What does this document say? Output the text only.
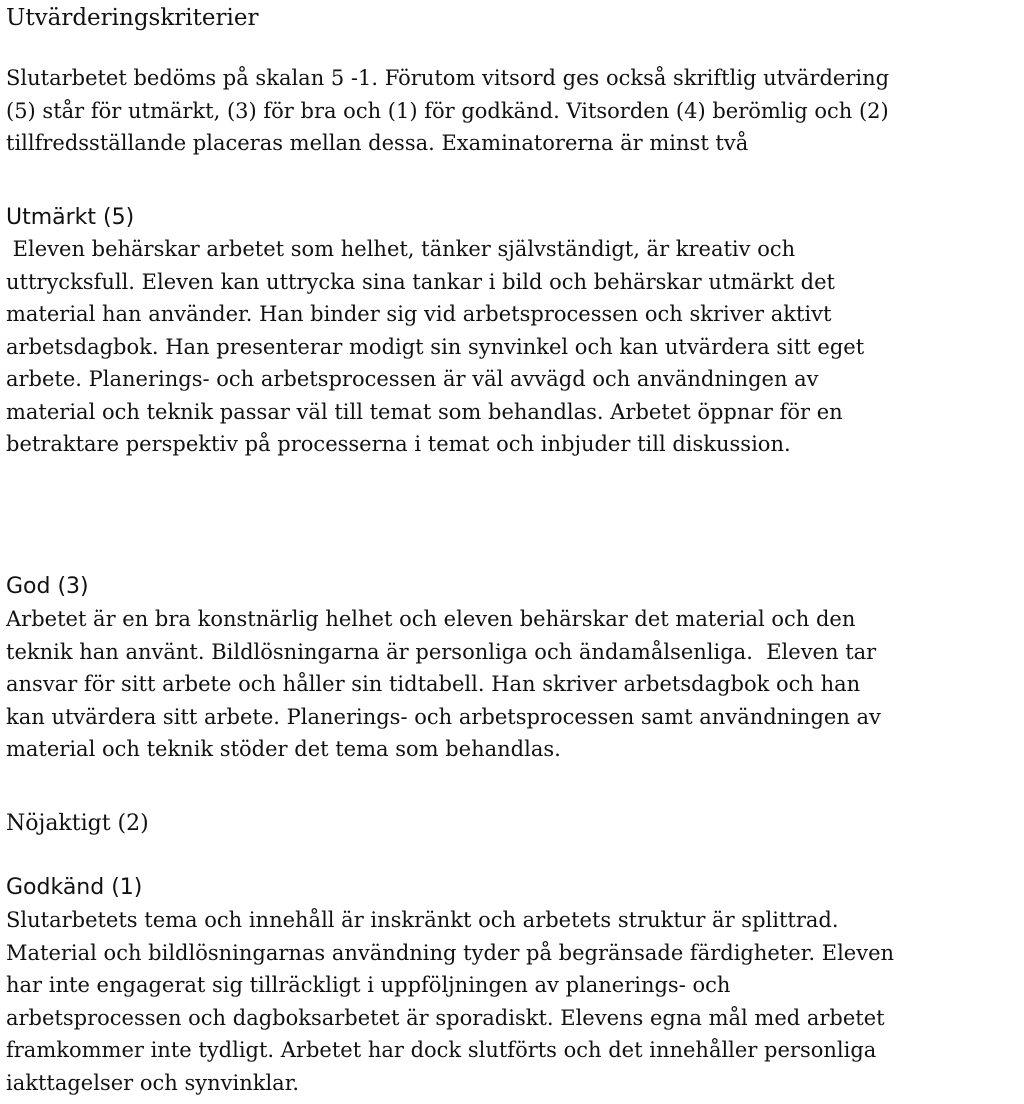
Utvärderingskriterier
Slutarbetet bedöms på skalan 5 -1. Förutom vitsord ges också skriftlig utvärdering
(5) står för utmärkt, (3) för bra och (1) för godkänd. Vitsorden (4) berömlig och (2)
tillfredsställande placeras mellan dessa. Examinatorerna är minst två
Utmärkt (5)
Eleven behärskar arbetet som helhet, tänker självständigt, är kreativ och
uttrycksfull. Eleven kan uttrycka sina tankar i bild och behärskar utmärkt det
material han använder. Han binder sig vid arbetsprocessen och skriver aktivt
arbetsdagbok. Han presenterar modigt sin synvinkel och kan utvärdera sitt eget
arbete. Planerings- och arbetsprocessen är väl avvägd och användningen av
material och teknik passar väl till temat som behandlas. Arbetet öppnar för en
betraktare perspektiv på processerna i temat och inbjuder till diskussion.
God (3)
Arbetet är en bra konstnärlig helhet och eleven behärskar det material och den
teknik han använt. Bildlösningarna är personliga och ändamålsenliga.  Eleven tar
ansvar för sitt arbete och håller sin tidtabell. Han skriver arbetsdagbok och han
kan utvärdera sitt arbete. Planerings- och arbetsprocessen samt användningen av
material och teknik stöder det tema som behandlas.
Nöjaktigt (2)
Godkänd (1)
Slutarbetets tema och innehåll är inskränkt och arbetets struktur är splittrad.
Material och bildlösningarnas användning tyder på begränsade färdigheter. Eleven
har inte engagerat sig tillräckligt i uppföljningen av planerings- och
arbetsprocessen och dagboksarbetet är sporadiskt. Elevens egna mål med arbetet
framkommer inte tydligt. Arbetet har dock slutförts och det innehåller personliga
iakttagelser och synvinklar.
